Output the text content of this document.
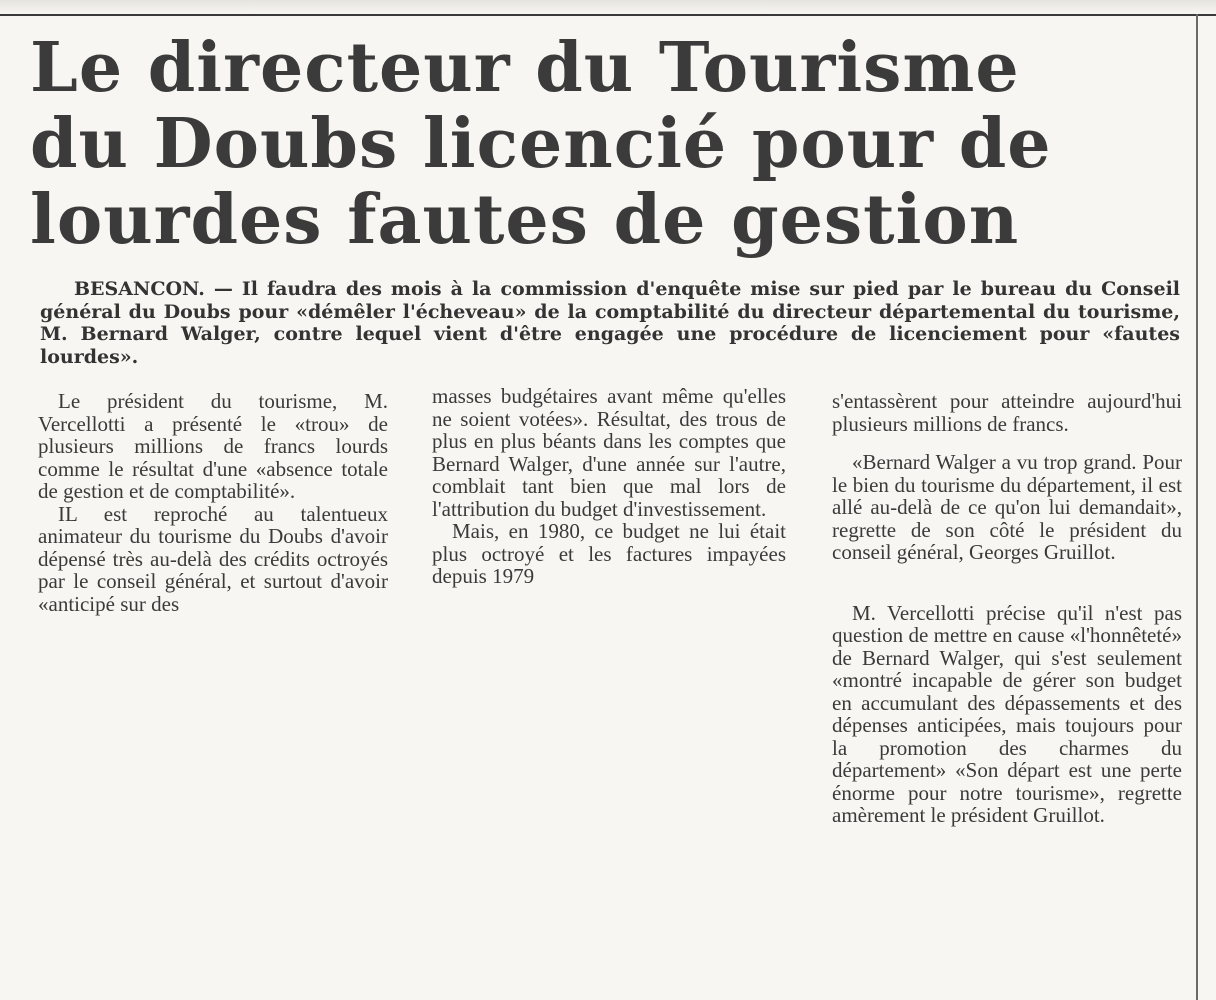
Le directeur du Tourisme
du Doubs licencié pour de
lourdes fautes de gestion

BESANCON. — Il faudra des mois à la commission d'enquête mise sur pied par le bureau du Conseil général du Doubs pour «démêler l'écheveau» de la comptabilité du directeur départemental du tourisme, M. Bernard Walger, contre lequel vient d'être engagée une procédure de licenciement pour «fautes lourdes».

Le président du tourisme, M. Vercellotti a présenté le «trou» de plusieurs millions de francs lourds comme le résultat d'une «absence totale de gestion et de comptabilité».

IL est reproché au talentueux animateur du tourisme du Doubs d'avoir dépensé très au-delà des crédits octroyés par le conseil général, et surtout d'avoir «anticipé sur des

masses budgétaires avant même qu'elles ne soient votées». Résultat, des trous de plus en plus béants dans les comptes que Bernard Walger, d'une année sur l'autre, comblait tant bien que mal lors de l'attribution du budget d'investissement.

Mais, en 1980, ce budget ne lui était plus octroyé et les factures impayées depuis 1979

s'entassèrent pour atteindre aujourd'hui plusieurs millions de francs.

«Bernard Walger a vu trop grand. Pour le bien du tourisme du département, il est allé au-delà de ce qu'on lui demandait», regrette de son côté le président du conseil général, Georges Gruillot.

M. Vercellotti précise qu'il n'est pas question de mettre en cause «l'honnêteté» de Bernard Walger, qui s'est seulement «montré incapable de gérer son budget en accumulant des dépassements et des dépenses anticipées, mais toujours pour la promotion des charmes du département» «Son départ est une perte énorme pour notre tourisme», regrette amèrement le président Gruillot.
